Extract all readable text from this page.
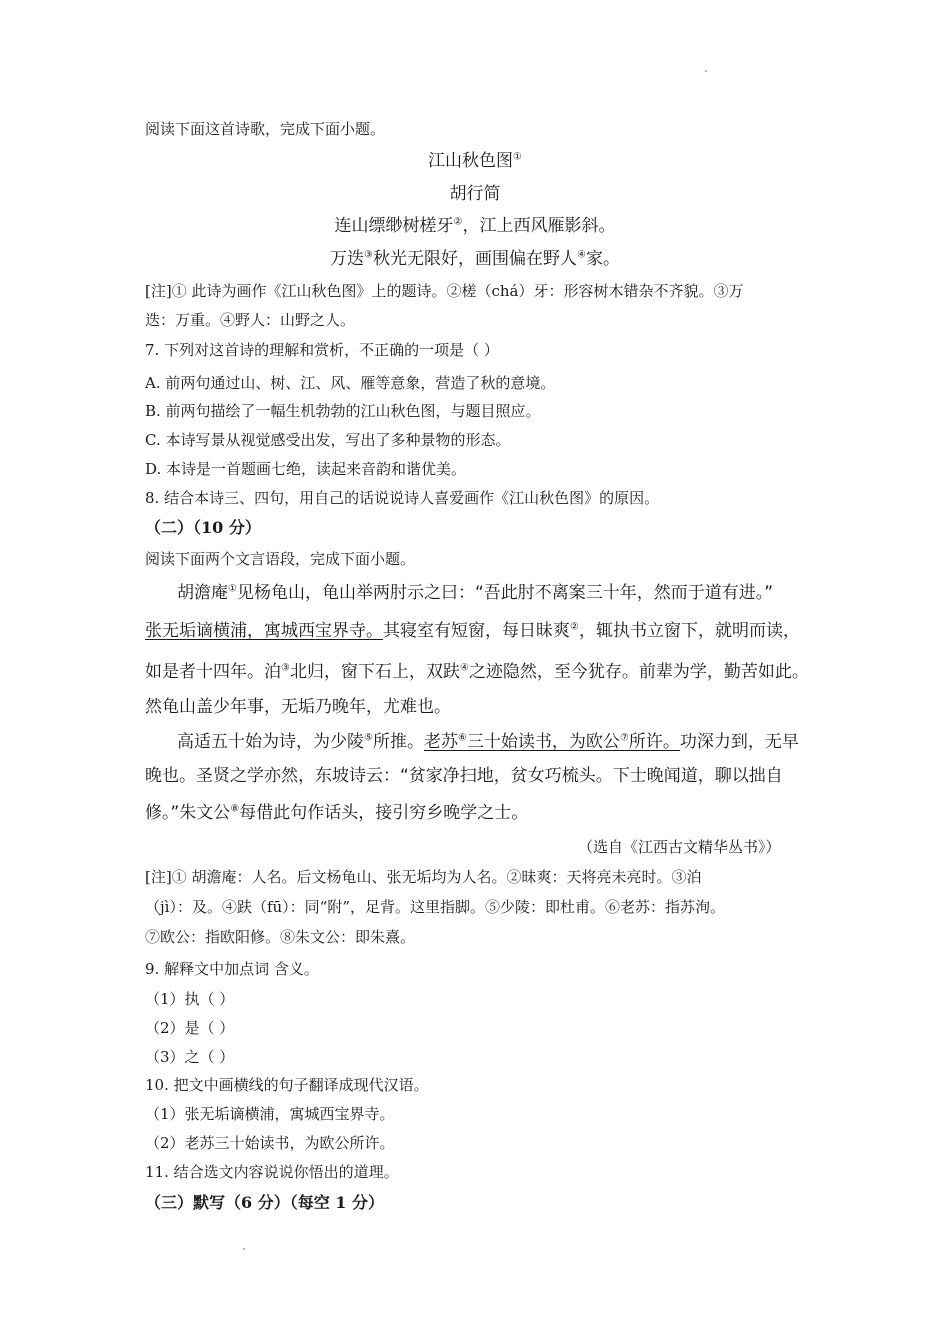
阅读下面这首诗歌，完成下面小题。
江山秋色图①
胡行简
连山缥缈树槎牙②，江上西风雁影斜。
万迭③秋光无限好，画围偏在野人④家。
[注]① 此诗为画作《江山秋色图》上的题诗。②槎（chá）牙：形容树木错杂不齐貌。③万
迭：万重。④野人：山野之人。
7. 下列对这首诗的理解和赏析，不正确的一项是（ ）
A. 前两句通过山、树、江、风、雁等意象，营造了秋的意境。
B. 前两句描绘了一幅生机勃勃的江山秋色图，与题目照应。
C. 本诗写景从视觉感受出发，写出了多种景物的形态。
D. 本诗是一首题画七绝，读起来音韵和谐优美。
8. 结合本诗三、四句，用自己的话说说诗人喜爱画作《江山秋色图》的原因。
（二）（10 分）
阅读下面两个文言语段，完成下面小题。
胡澹庵①见杨龟山，龟山举两肘示之曰：“吾此肘不离案三十年，然而于道有进。”
张无垢谪横浦，寓城西宝界寺。其寝室有短窗，每日昧爽②，辄执书立窗下，就明而读，
如是者十四年。泊③北归，窗下石上，双趺④之迹隐然，至今犹存。前辈为学，勤苦如此。
然龟山盖少年事，无垢乃晚年，尤难也。
高适五十始为诗，为少陵⑤所推。老苏⑥三十始读书，为欧公⑦所许。功深力到，无早
晚也。圣贤之学亦然，东坡诗云：“贫家净扫地，贫女巧梳头。下士晚闻道，聊以拙自
修。”朱文公⑧每借此句作话头，接引穷乡晚学之士。
（选自《江西古文精华丛书》）
[注]① 胡澹庵：人名。后文杨龟山、张无垢均为人名。②昧爽：天将亮未亮时。③泊
（jì）：及。④趺（fū）：同“附”，足背。这里指脚。⑤少陵：即杜甫。⑥老苏：指苏洵。
⑦欧公：指欧阳修。⑧朱文公：即朱熹。
9. 解释文中加点词 含义。
（1）执（ ）
（2）是（ ）
（3）之（ ）
10. 把文中画横线的句子翻译成现代汉语。
（1）张无垢谪横浦，寓城西宝界寺。
（2）老苏三十始读书，为欧公所许。
11. 结合选文内容说说你悟出的道理。
（三）默写（6 分）（每空 1 分）
